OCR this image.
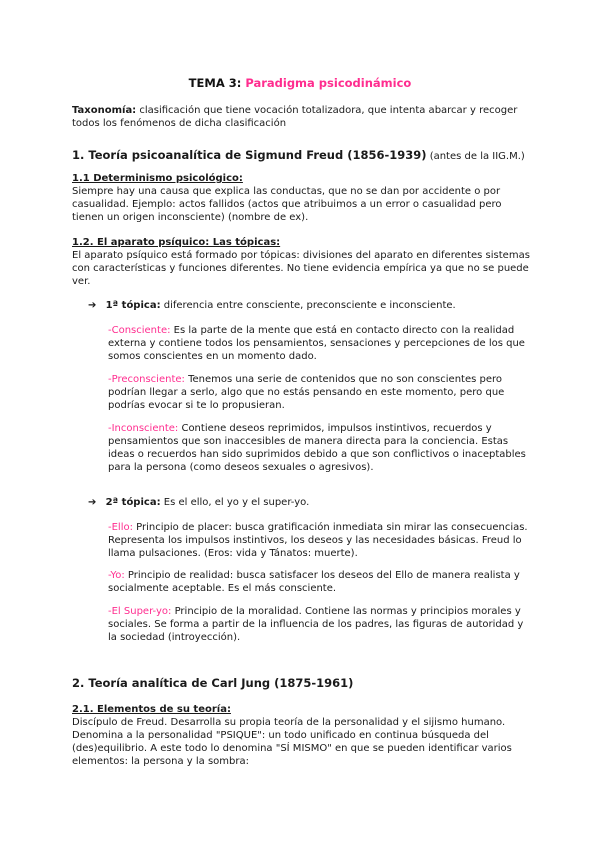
TEMA 3: Paradigma psicodinámico
Taxonomía: clasificación que tiene vocación totalizadora, que intenta abarcar y recoger todos los fenómenos de dicha clasificación
1. Teoría psicoanalítica de Sigmund Freud (1856-1939) (antes de la IIG.M.)
1.1 Determinismo psicológico:
Siempre hay una causa que explica las conductas, que no se dan por accidente o por casualidad. Ejemplo: actos fallidos (actos que atribuimos a un error o casualidad pero tienen un origen inconsciente) (nombre de ex).
1.2. El aparato psíquico: Las tópicas:
El aparato psíquico está formado por tópicas: divisiones del aparato en diferentes sistemas con características y funciones diferentes. No tiene evidencia empírica ya que no se puede ver.
➔ 1ª tópica: diferencia entre consciente, preconsciente e inconsciente.
-Consciente: Es la parte de la mente que está en contacto directo con la realidad externa y contiene todos los pensamientos, sensaciones y percepciones de los que somos conscientes en un momento dado.
-Preconsciente: Tenemos una serie de contenidos que no son conscientes pero podrían llegar a serlo, algo que no estás pensando en este momento, pero que podrías evocar si te lo propusieran.
-Inconsciente: Contiene deseos reprimidos, impulsos instintivos, recuerdos y pensamientos que son inaccesibles de manera directa para la conciencia. Estas ideas o recuerdos han sido suprimidos debido a que son conflictivos o inaceptables para la persona (como deseos sexuales o agresivos).
➔ 2ª tópica: Es el ello, el yo y el super-yo.
-Ello: Principio de placer: busca gratificación inmediata sin mirar las consecuencias. Representa los impulsos instintivos, los deseos y las necesidades básicas. Freud lo llama pulsaciones. (Eros: vida y Tánatos: muerte).
-Yo: Principio de realidad: busca satisfacer los deseos del Ello de manera realista y socialmente aceptable. Es el más consciente.
-El Super-yo: Principio de la moralidad. Contiene las normas y principios morales y sociales. Se forma a partir de la influencia de los padres, las figuras de autoridad y la sociedad (introyección).
2. Teoría analítica de Carl Jung (1875-1961)
2.1. Elementos de su teoría:
Discípulo de Freud. Desarrolla su propia teoría de la personalidad y el sijismo humano. Denomina a la personalidad "PSIQUE": un todo unificado en continua búsqueda del (des)equilibrio. A este todo lo denomina "SÍ MISMO" en que se pueden identificar varios elementos: la persona y la sombra:
